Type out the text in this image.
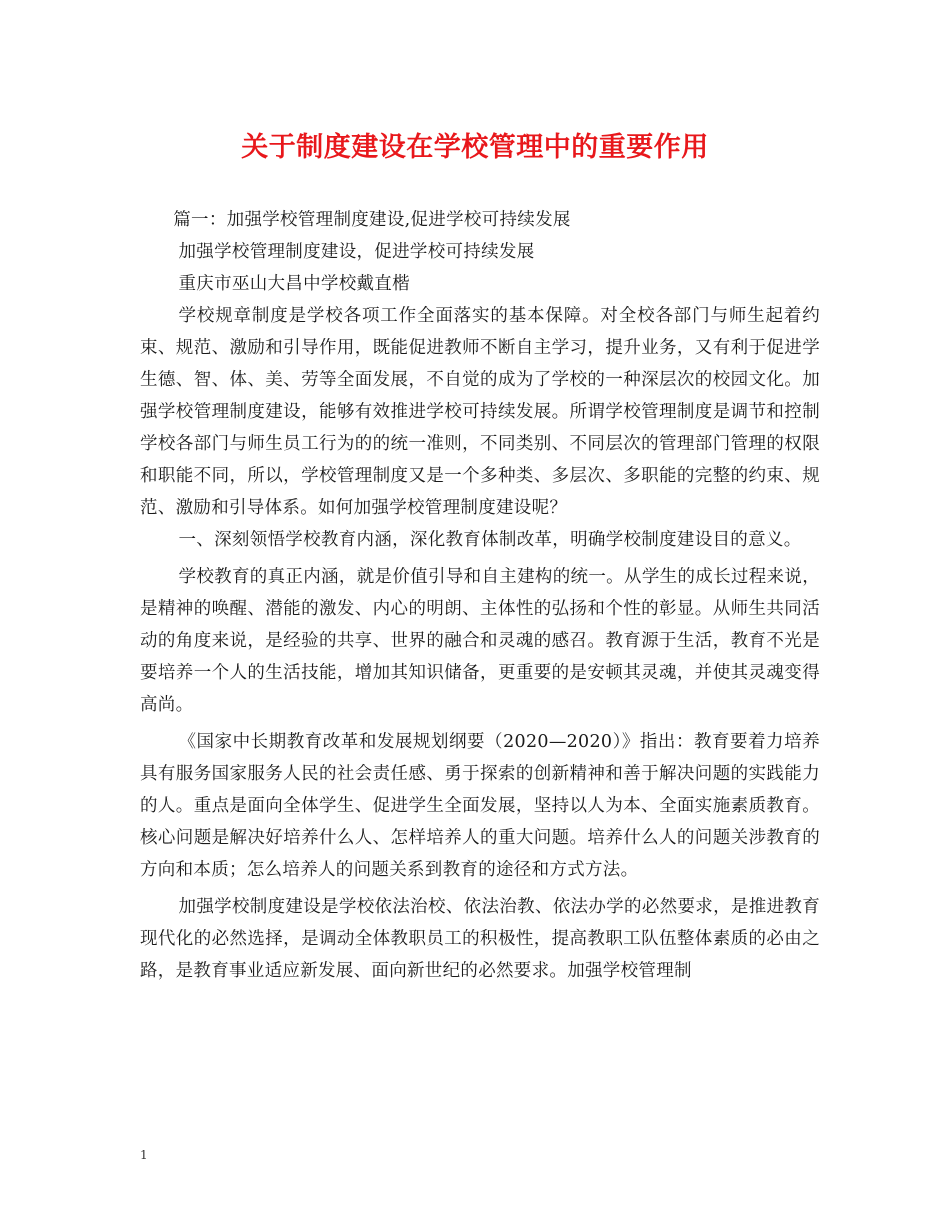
关于制度建设在学校管理中的重要作用

篇一：加强学校管理制度建设,促进学校可持续发展

加强学校管理制度建设，促进学校可持续发展

重庆市巫山大昌中学校戴直楷

学校规章制度是学校各项工作全面落实的基本保障。对全校各部门与师生起着约束、规范、激励和引导作用，既能促进教师不断自主学习，提升业务，又有利于促进学生德、智、体、美、劳等全面发展，不自觉的成为了学校的一种深层次的校园文化。加强学校管理制度建设，能够有效推进学校可持续发展。所谓学校管理制度是调节和控制学校各部门与师生员工行为的的统一准则，不同类别、不同层次的管理部门管理的权限和职能不同，所以，学校管理制度又是一个多种类、多层次、多职能的完整的约束、规范、激励和引导体系。如何加强学校管理制度建设呢？

一、深刻领悟学校教育内涵，深化教育体制改革，明确学校制度建设目的意义。

学校教育的真正内涵，就是价值引导和自主建构的统一。从学生的成长过程来说，是精神的唤醒、潜能的激发、内心的明朗、主体性的弘扬和个性的彰显。从师生共同活动的角度来说，是经验的共享、世界的融合和灵魂的感召。教育源于生活，教育不光是要培养一个人的生活技能，增加其知识储备，更重要的是安顿其灵魂，并使其灵魂变得高尚。

《国家中长期教育改革和发展规划纲要（2020—2020）》指出：教育要着力培养具有服务国家服务人民的社会责任感、勇于探索的创新精神和善于解决问题的实践能力的人。重点是面向全体学生、促进学生全面发展，坚持以人为本、全面实施素质教育。核心问题是解决好培养什么人、怎样培养人的重大问题。培养什么人的问题关涉教育的方向和本质；怎么培养人的问题关系到教育的途径和方式方法。

加强学校制度建设是学校依法治校、依法治教、依法办学的必然要求，是推进教育现代化的必然选择，是调动全体教职员工的积极性，提高教职工队伍整体素质的必由之路，是教育事业适应新发展、面向新世纪的必然要求。加强学校管理制

1
